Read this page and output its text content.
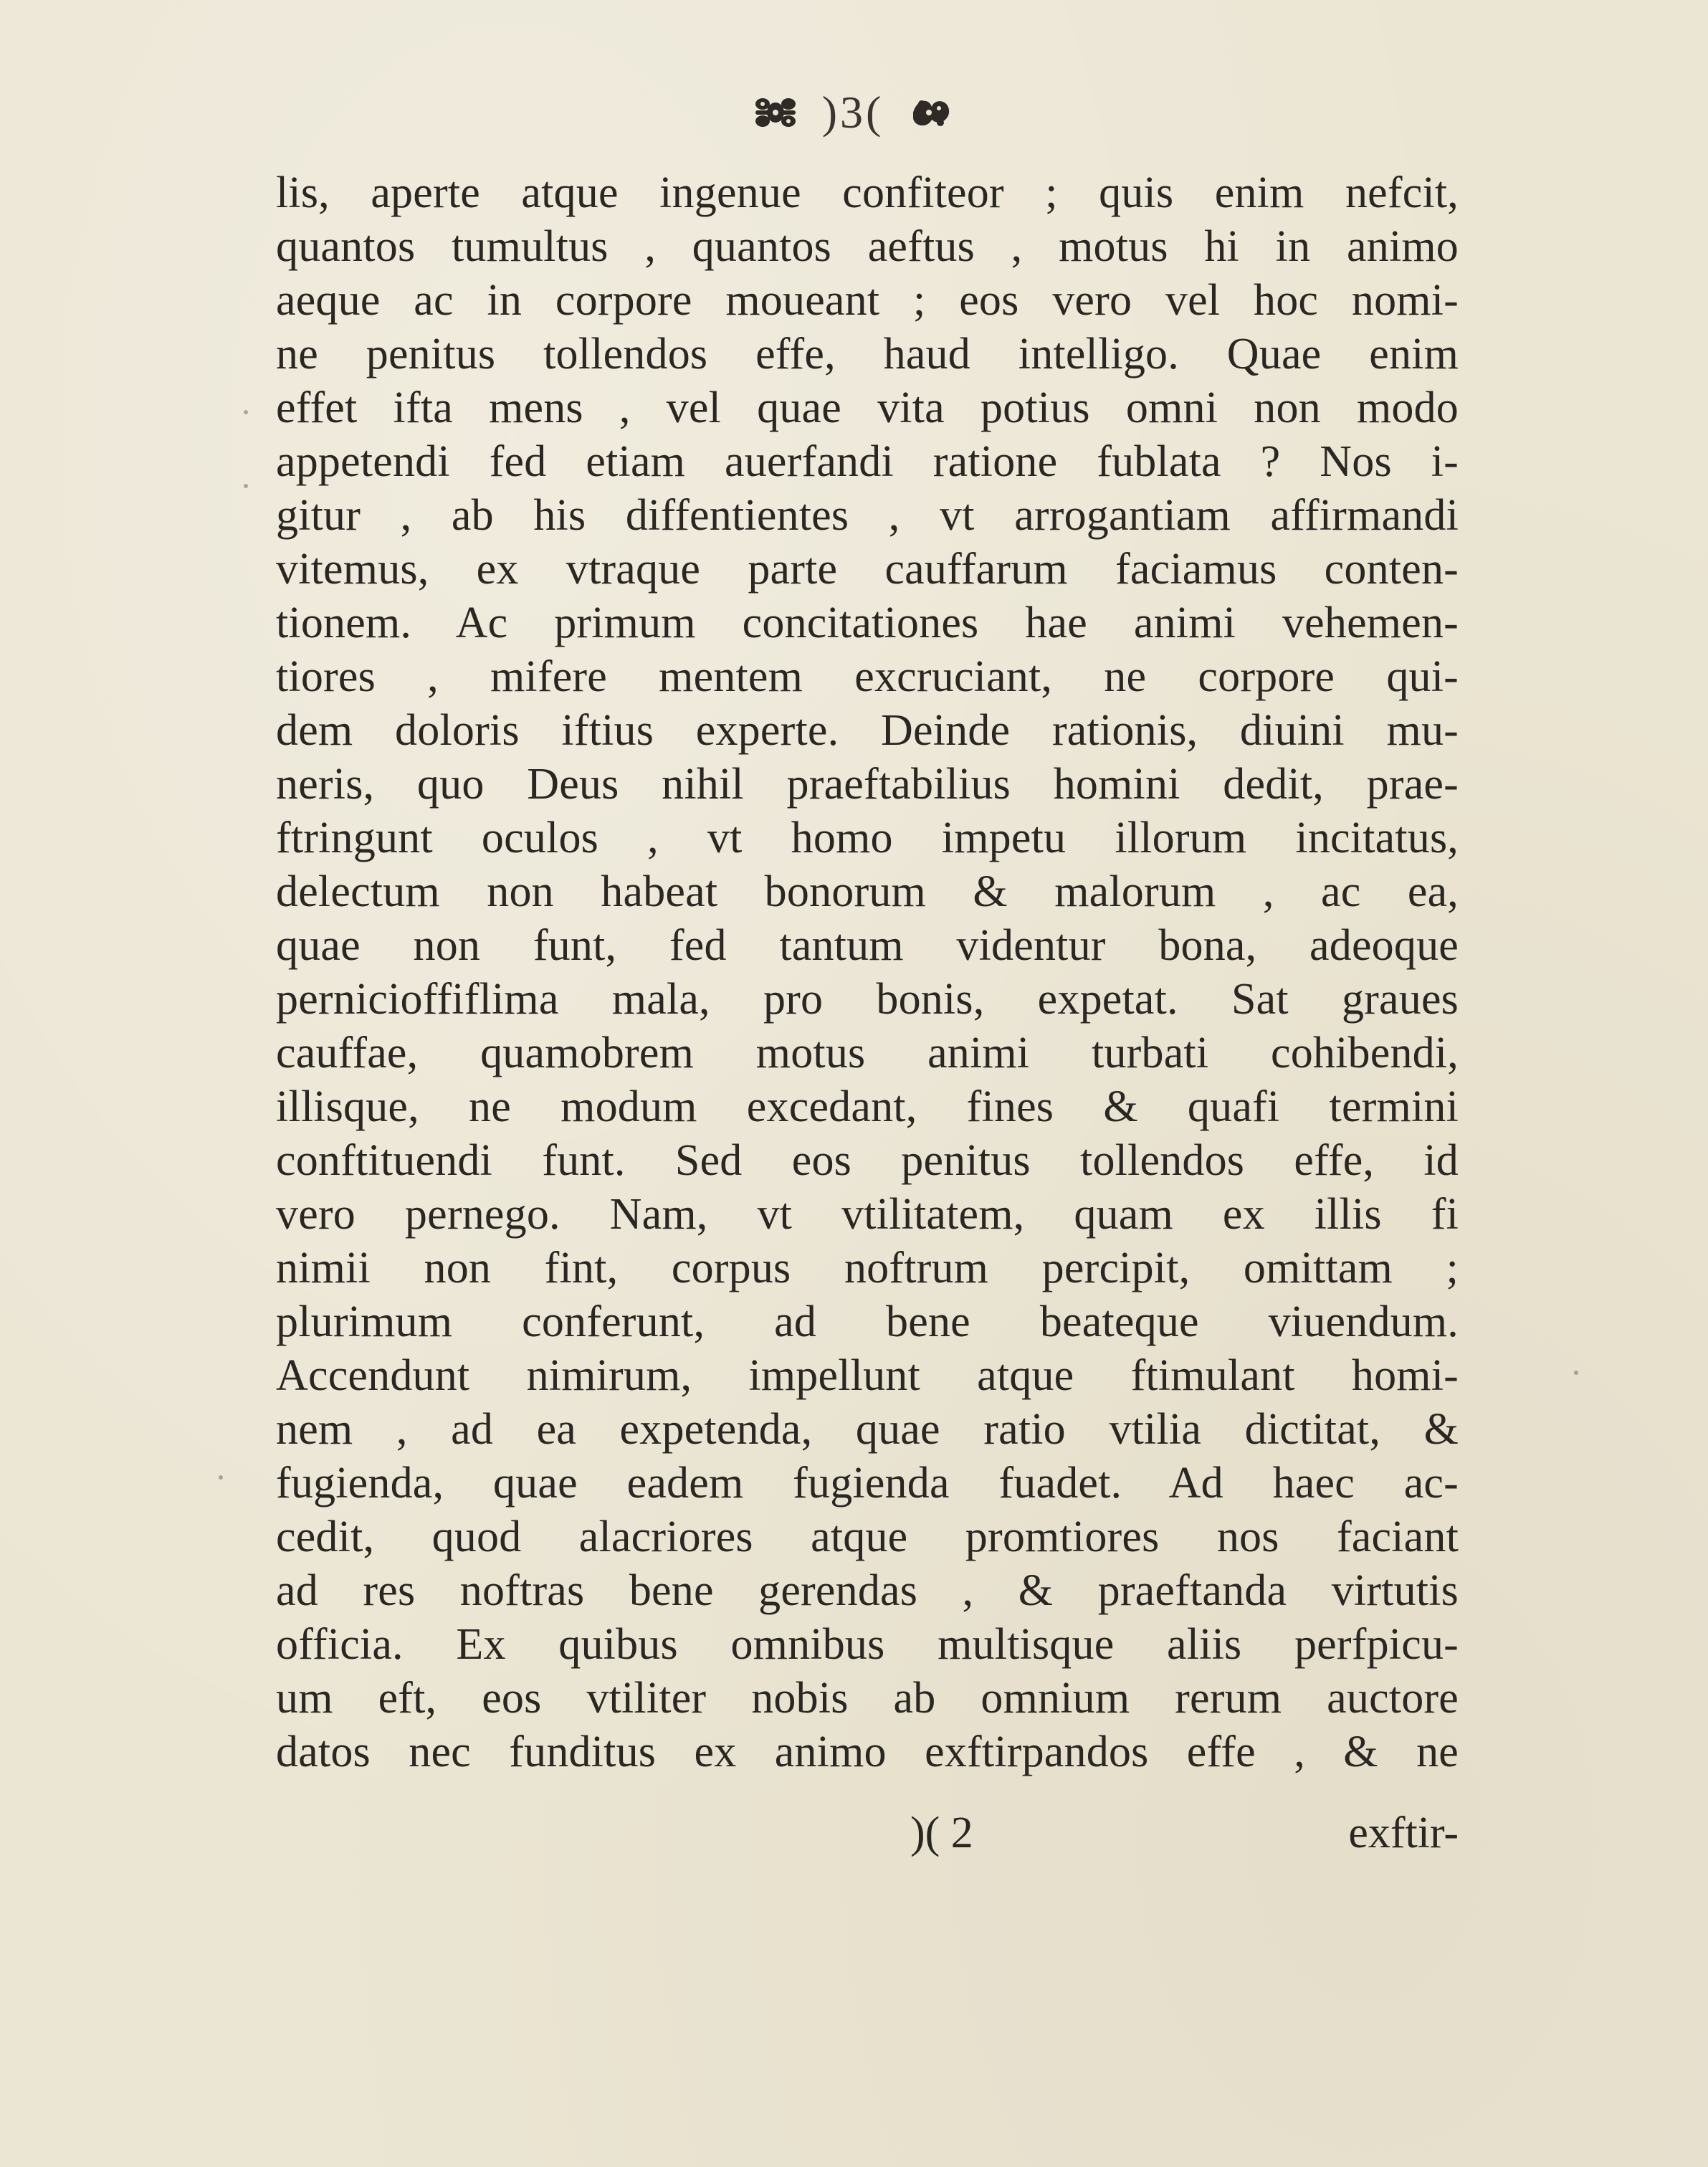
)3(
lis, aperte atque ingenue confiteor ; quis enim nefcit,
quantos tumultus , quantos aeftus , motus hi in animo
aeque ac in corpore moueant ; eos vero vel hoc nomi-
ne penitus tollendos effe, haud intelligo. Quae enim
effet ifta mens , vel quae vita potius omni non modo
appetendi fed etiam auerfandi ratione fublata ? Nos i-
gitur , ab his diffentientes , vt arrogantiam affirmandi
vitemus, ex vtraque parte cauffarum faciamus conten-
tionem. Ac primum concitationes hae animi vehemen-
tiores , mifere mentem excruciant, ne corpore qui-
dem doloris iftius experte. Deinde rationis, diuini mu-
neris, quo Deus nihil praeftabilius homini dedit, prae-
ftringunt oculos , vt homo impetu illorum incitatus,
delectum non habeat bonorum & malorum , ac ea,
quae non funt, fed tantum videntur bona, adeoque
pernicioffiflima mala, pro bonis, expetat. Sat graues
cauffae, quamobrem motus animi turbati cohibendi,
illisque, ne modum excedant, fines & quafi termini
conftituendi funt. Sed eos penitus tollendos effe, id
vero pernego. Nam, vt vtilitatem, quam ex illis fi
nimii non fint, corpus noftrum percipit, omittam ;
plurimum conferunt, ad bene beateque viuendum.
Accendunt nimirum, impellunt atque ftimulant homi-
nem , ad ea expetenda, quae ratio vtilia dictitat, &
fugienda, quae eadem fugienda fuadet. Ad haec ac-
cedit, quod alacriores atque promtiores nos faciant
ad res noftras bene gerendas , & praeftanda virtutis
officia. Ex quibus omnibus multisque aliis perfpicu-
um eft, eos vtiliter nobis ab omnium rerum auctore
datos nec funditus ex animo exftirpandos effe , & ne
)( 2	exftir-
